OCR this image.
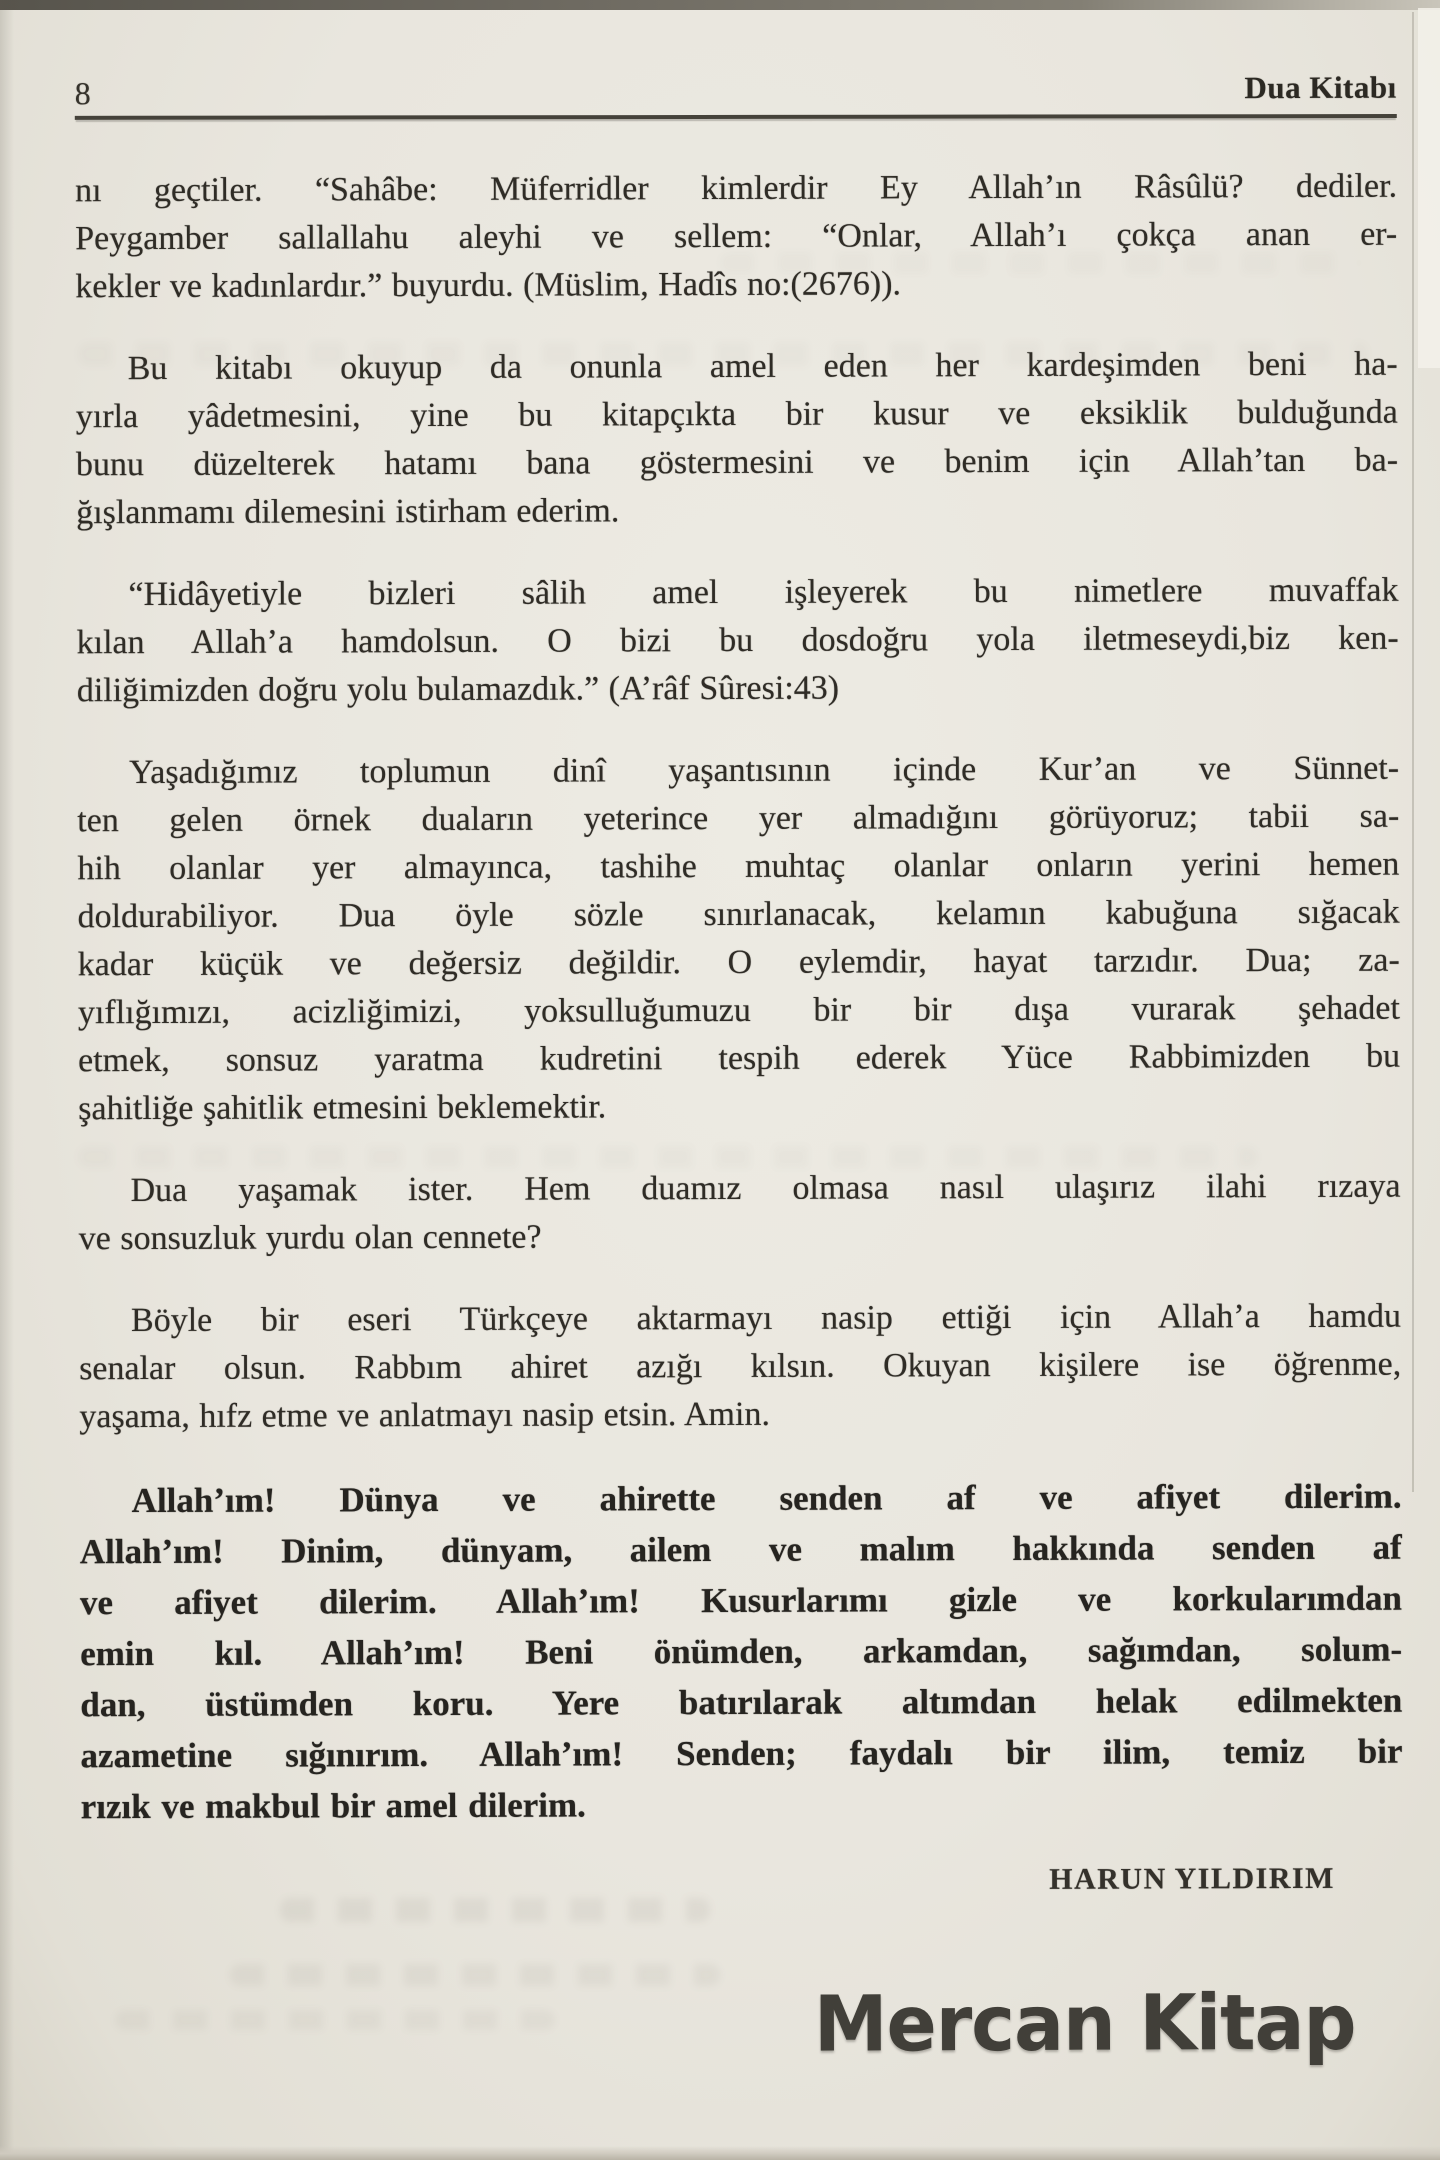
8	Dua Kitabı
nı geçtiler. “Sahâbe: Müferridler kimlerdir Ey Allah’ın Râsûlü? dediler.
Peygamber sallallahu aleyhi ve sellem: “Onlar, Allah’ı çokça anan er-
kekler ve kadınlardır.” buyurdu. (Müslim, Hadîs no:(2676)).
Bu kitabı okuyup da onunla amel eden her kardeşimden beni ha-
yırla yâdetmesini, yine bu kitapçıkta bir kusur ve eksiklik bulduğunda
bunu düzelterek hatamı bana göstermesini ve benim için Allah’tan ba-
ğışlanmamı dilemesini istirham ederim.
“Hidâyetiyle bizleri sâlih amel işleyerek bu nimetlere muvaffak
kılan Allah’a hamdolsun. O bizi bu dosdoğru yola iletmeseydi,biz ken-
diliğimizden doğru yolu bulamazdık.” (A’râf Sûresi:43)
Yaşadığımız toplumun dinî yaşantısının içinde Kur’an ve Sünnet-
ten gelen örnek duaların yeterince yer almadığını görüyoruz; tabii sa-
hih olanlar yer almayınca, tashihe muhtaç olanlar onların yerini hemen
doldurabiliyor. Dua öyle sözle sınırlanacak, kelamın kabuğuna sığacak
kadar küçük ve değersiz değildir. O eylemdir, hayat tarzıdır. Dua; za-
yıflığımızı, acizliğimizi, yoksulluğumuzu bir bir dışa vurarak şehadet
etmek, sonsuz yaratma kudretini tespih ederek Yüce Rabbimizden bu
şahitliğe şahitlik etmesini beklemektir.
Dua yaşamak ister. Hem duamız olmasa nasıl ulaşırız ilahi rızaya
ve sonsuzluk yurdu olan cennete?
Böyle bir eseri Türkçeye aktarmayı nasip ettiği için Allah’a hamdu
senalar olsun. Rabbım ahiret azığı kılsın. Okuyan kişilere ise öğrenme,
yaşama, hıfz etme ve anlatmayı nasip etsin. Amin.
Allah’ım! Dünya ve ahirette senden af ve afiyet dilerim.
Allah’ım! Dinim, dünyam, ailem ve malım hakkında senden af
ve afiyet dilerim. Allah’ım! Kusurlarımı gizle ve korkularımdan
emin kıl. Allah’ım! Beni önümden, arkamdan, sağımdan, solum-
dan, üstümden koru. Yere batırılarak altımdan helak edilmekten
azametine sığınırım. Allah’ım! Senden; faydalı bir ilim, temiz bir
rızık ve makbul bir amel dilerim.
HARUN YILDIRIM
Mercan Kitap
